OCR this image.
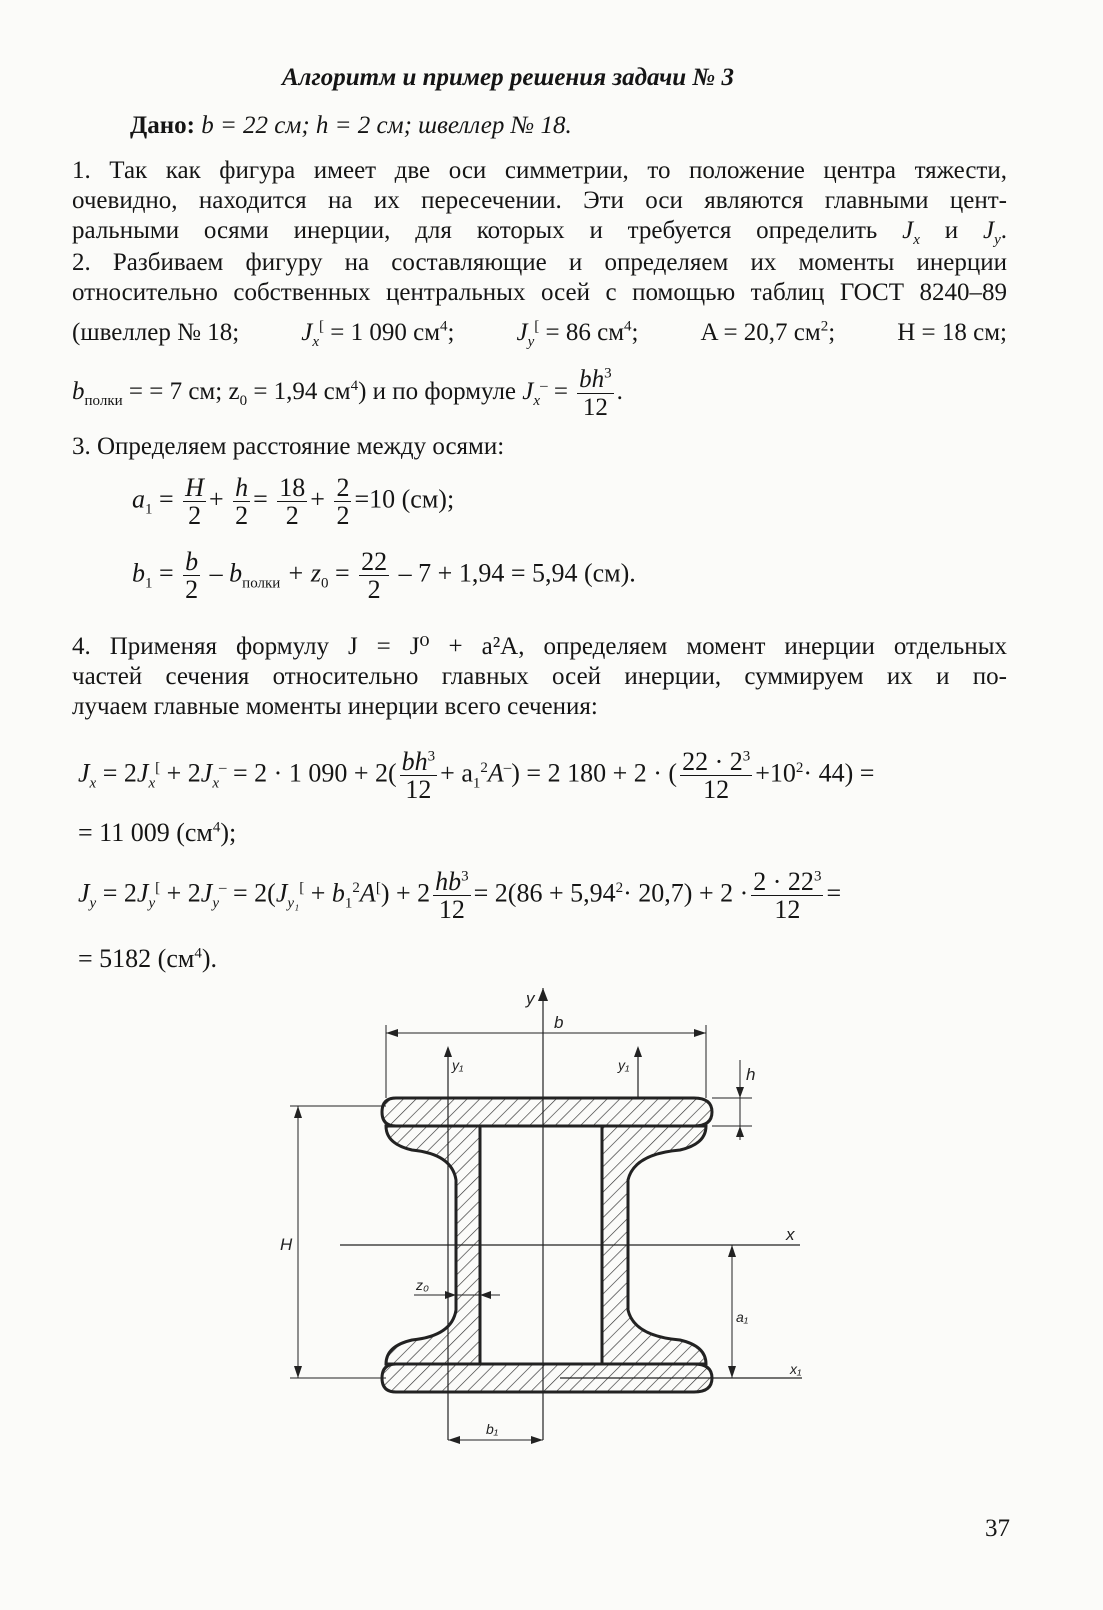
Алгоритм и пример решения задачи № 3
Дано: b = 22 см; h = 2 см; швеллер № 18.
1. Так как фигура имеет две оси симметрии, то положение центра тяжести,
очевидно, находится на их пересечении. Эти оси являются главными цент-
ральными осями инерции, для которых и требуется определить $J_x$ и $J_y$.
2. Разбиваем фигуру на составляющие и определяем их моменты инерции
относительно собственных центральных осей с помощью таблиц ГОСТ 8240–89
(швеллер № 18; $J_x^[ = 1$ 090 $см^4$; $J_y^[ = 86$ $см^4$; A = 20,7 $см^2$; H = 18 см;
$b_{полки}$ = = 7 см; $z_0 = 1,94$ $см^4$) и по формуле $J_x^- = \frac{bh^3}{12}$ .
3. Определяем расстояние между осями:
$a_1 = \frac{H}{2} + \frac{h}{2} = \frac{18}{2} + \frac{2}{2} =10$ (см);
$b_1 = \frac{b}{2} - b_{полки} + z_0 = \frac{22}{2} - 7 + 1,94 = 5,94$ (см).
4. Применяя формулу J = J⁰ + a²A, определяем момент инерции отдельных
частей сечения относительно главных осей инерции, суммируем их и по-
лучаем главные моменты инерции всего сечения:
$J_x = 2J_x^[ + 2J_x^- = 2 \cdot 1$ $090 + 2( \frac{bh^3}{12} + a_1^2A^-) = 2$ 180 + 2 · ( $\frac{22 \cdot 2^3}{12} +10^2\cdot 44$) =
= 11 009 $(см^4)$;
$J_y = 2J_y^[ + 2J_y^- = 2(J_{y_1}^[ + b_1^2A^[) + 2 \frac{hb^3}{12} = 2(86 + 5,94^2\cdot 20,7) + 2 \cdot \frac{2 \cdot 22^3}{12}$ =
= 5182 $(см^4)$.
y
b
y₁	y₁	h
H
x
z₀
a₁
x₁
b₁
37
